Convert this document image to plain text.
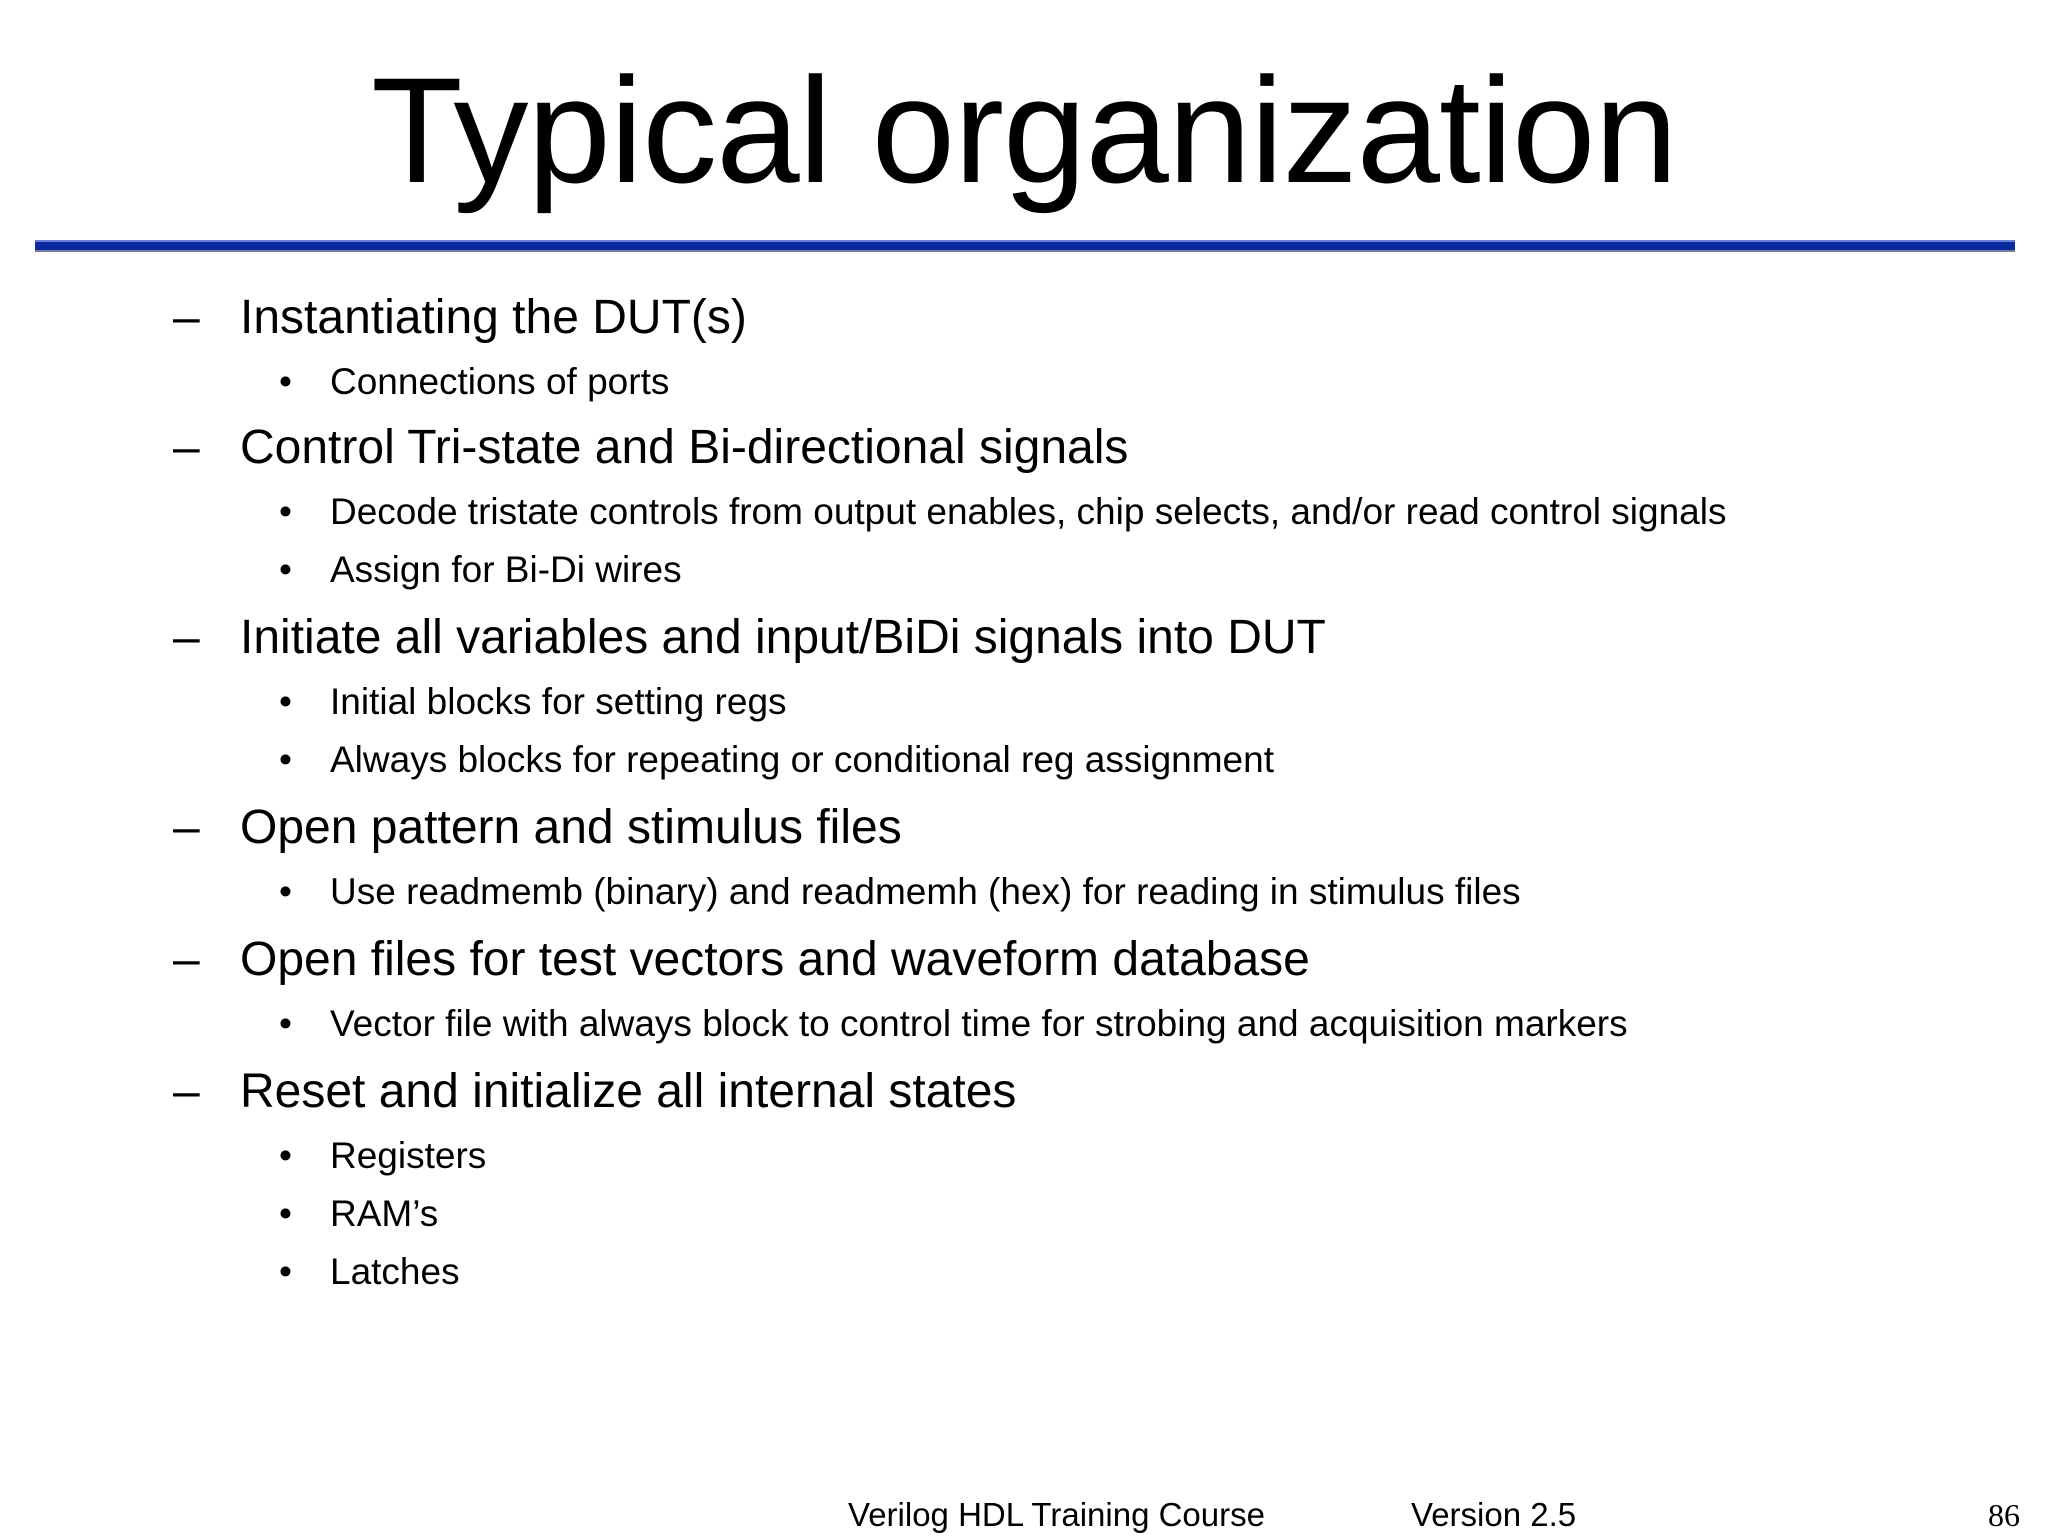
Typical organization
– Instantiating the DUT(s)
• Connections of ports
– Control Tri-state and Bi-directional signals
• Decode tristate controls from output enables, chip selects, and/or read control signals
• Assign for Bi-Di wires
– Initiate all variables and input/BiDi signals into DUT
• Initial blocks for setting regs
• Always blocks for repeating or conditional reg assignment
– Open pattern and stimulus files
• Use readmemb (binary) and readmemh (hex) for reading in stimulus files
– Open files for test vectors and waveform database
• Vector file with always block to control time for strobing and acquisition markers
– Reset and initialize all internal states
• Registers
• RAM’s
• Latches
Verilog HDL Training Course	Version 2.5	86
